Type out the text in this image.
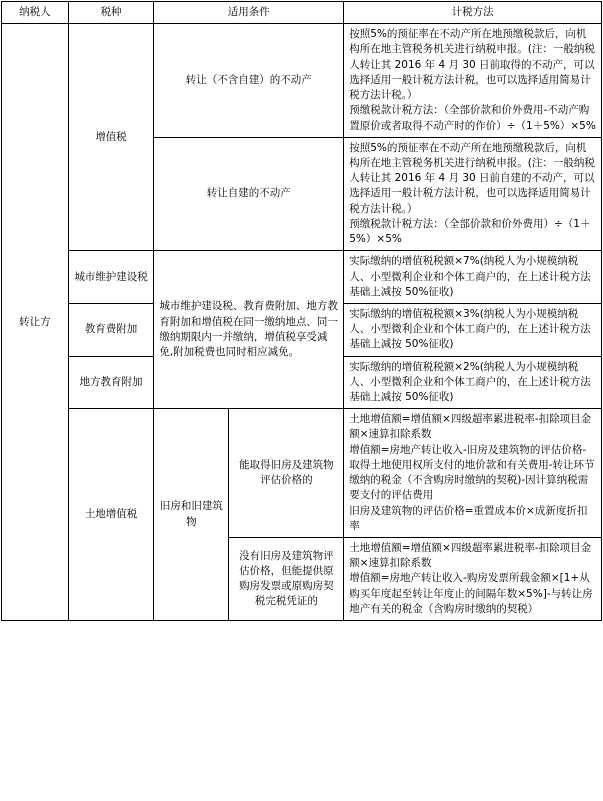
纳税人	税种	适用条件		计税方法
转让方	增值税	转让（不含自建）的不动产		按照5%的预征率在不动产所在地预缴税款后，向机构所在地主管税务机关进行纳税申报。(注：一般纳税人转让其 2016 年 4 月 30 日前取得的不动产，可以选择适用一般计税方法计税，也可以选择适用简易计税方法计税。）

预缴税款计税方法：（全部价款和价外费用-不动产购置原价或者取得不动产时的作价）÷（1＋5%）×5%

		转让自建的不动产		按照5%的预征率在不动产所在地预缴税款后，向机构所在地主管税务机关进行纳税申报。(注：一般纳税人转让其 2016 年 4 月 30 日前自建的不动产，可以选择适用一般计税方法计税，也可以选择适用简易计税方法计税。）

预缴税款计税方法：（全部价款和价外费用）÷（1＋5%）×5%

	城市维护建设税	城市维护建设税、教育费附加、地方教育附加和增值税在同一缴纳地点、同一缴纳期限内一并缴纳，增值税享受减免,附加税费也同时相应减免。		实际缴纳的增值税税额×7%(纳税人为小规模纳税人、小型微利企业和个体工商户的，在上述计税方法基础上减按 50%征收)
	教育费附加			实际缴纳的增值税税额×3%(纳税人为小规模纳税人、小型微利企业和个体工商户的，在上述计税方法基础上减按 50%征收)
	地方教育附加			实际缴纳的增值税税额×2%(纳税人为小规模纳税人、小型微利企业和个体工商户的，在上述计税方法基础上减按 50%征收)
	土地增值税	旧房和旧建筑物	能取得旧房及建筑物评估价格的	土地增值额=增值额×四级超率累进税率-扣除项目金额×速算扣除系数

增值额=房地产转让收入-旧房及建筑物的评估价格-取得土地使用权所支付的地价款和有关费用-转让环节缴纳的税金（不含购房时缴纳的契税)-因计算纳税需要支付的评估费用

旧房及建筑物的评估价格=重置成本价×成新度折扣率

			没有旧房及建筑物评估价格，但能提供原购房发票或原购房契税完税凭证的	土地增值额=增值额×四级超率累进税率-扣除项目金额×速算扣除系数

增值额=房地产转让收入-购房发票所载金额×[1+从购买年度起至转让年度止的间隔年数×5%]-与转让房地产有关的税金（含购房时缴纳的契税）
